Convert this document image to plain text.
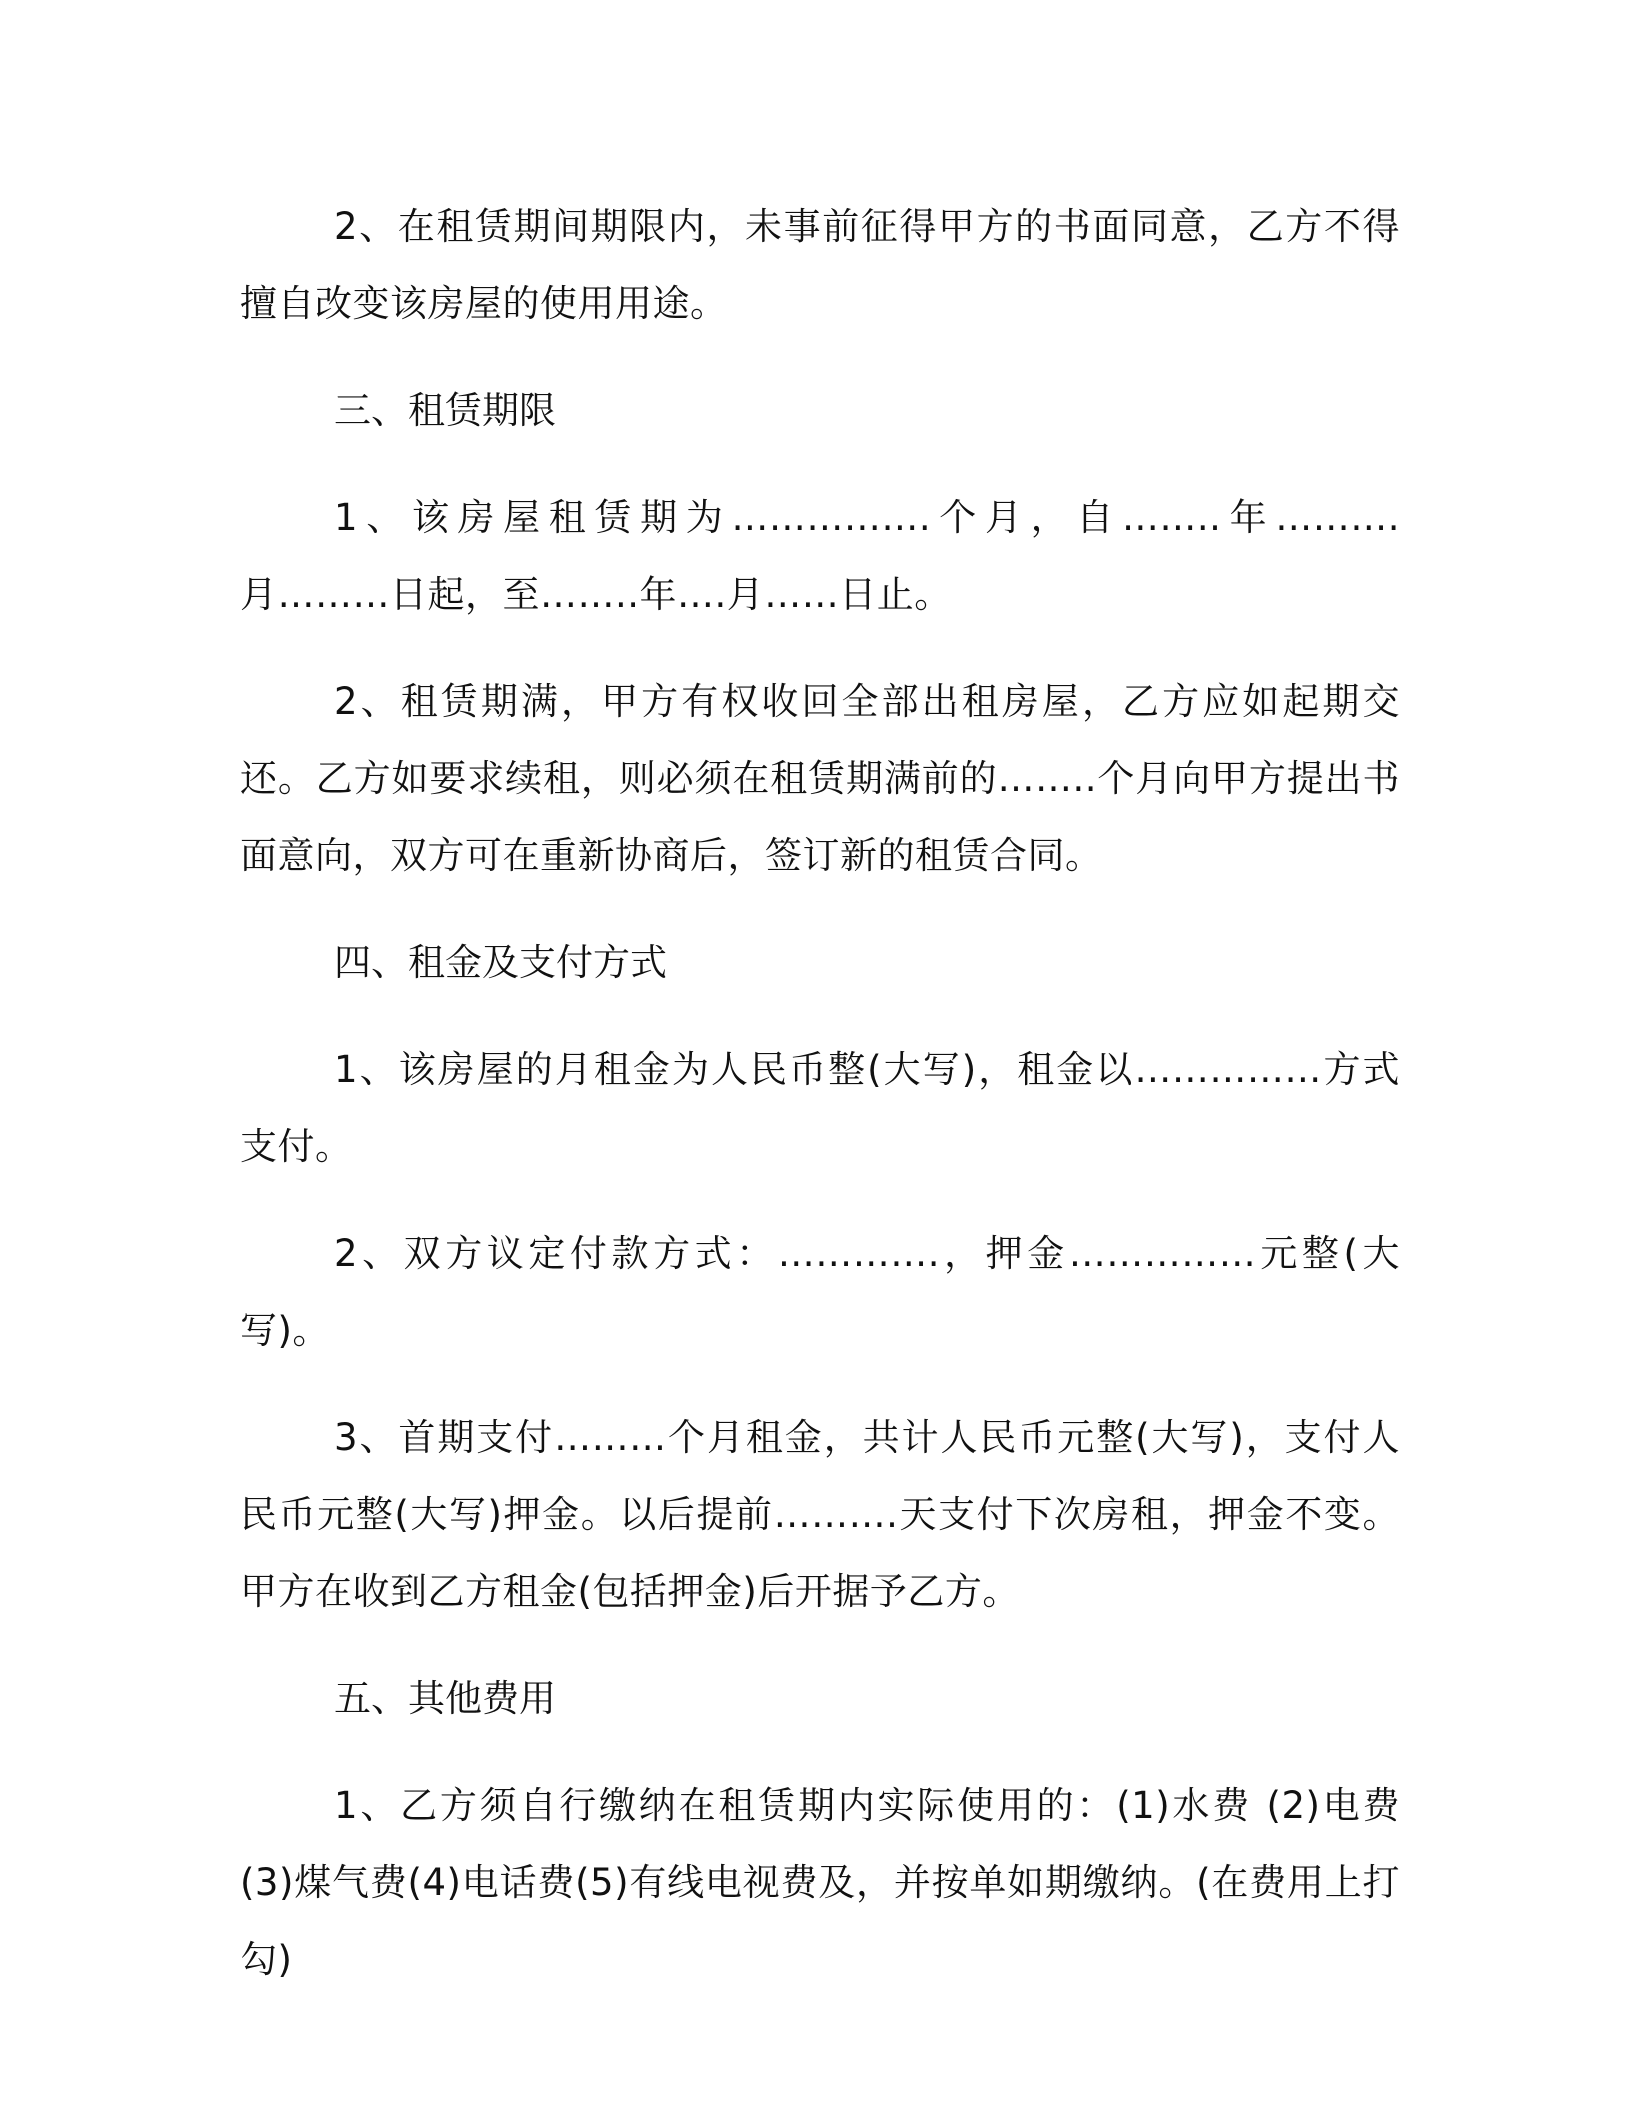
2、在租赁期间期限内，未事前征得甲方的书面同意，乙方不得擅自改变该房屋的使用用途。

三、租赁期限

1、该房屋租赁期为…………….个月，自……..年……….月………日起，至……..年….月……日止。

2、租赁期满，甲方有权收回全部出租房屋，乙方应如起期交还。乙方如要求续租，则必须在租赁期满前的……..个月向甲方提出书面意向，双方可在重新协商后，签订新的租赁合同。

四、租金及支付方式

1、该房屋的月租金为人民币整(大写)，租金以……………方式支付。

2、双方议定付款方式：………….，押金……………元整(大写)。

3、首期支付………个月租金，共计人民币元整(大写)，支付人民币元整(大写)押金。以后提前……….天支付下次房租，押金不变。甲方在收到乙方租金(包括押金)后开据予乙方。

五、其他费用

1、乙方须自行缴纳在租赁期内实际使用的：(1)水费 (2)电费 (3)煤气费(4)电话费(5)有线电视费及，并按单如期缴纳。(在费用上打勾)
